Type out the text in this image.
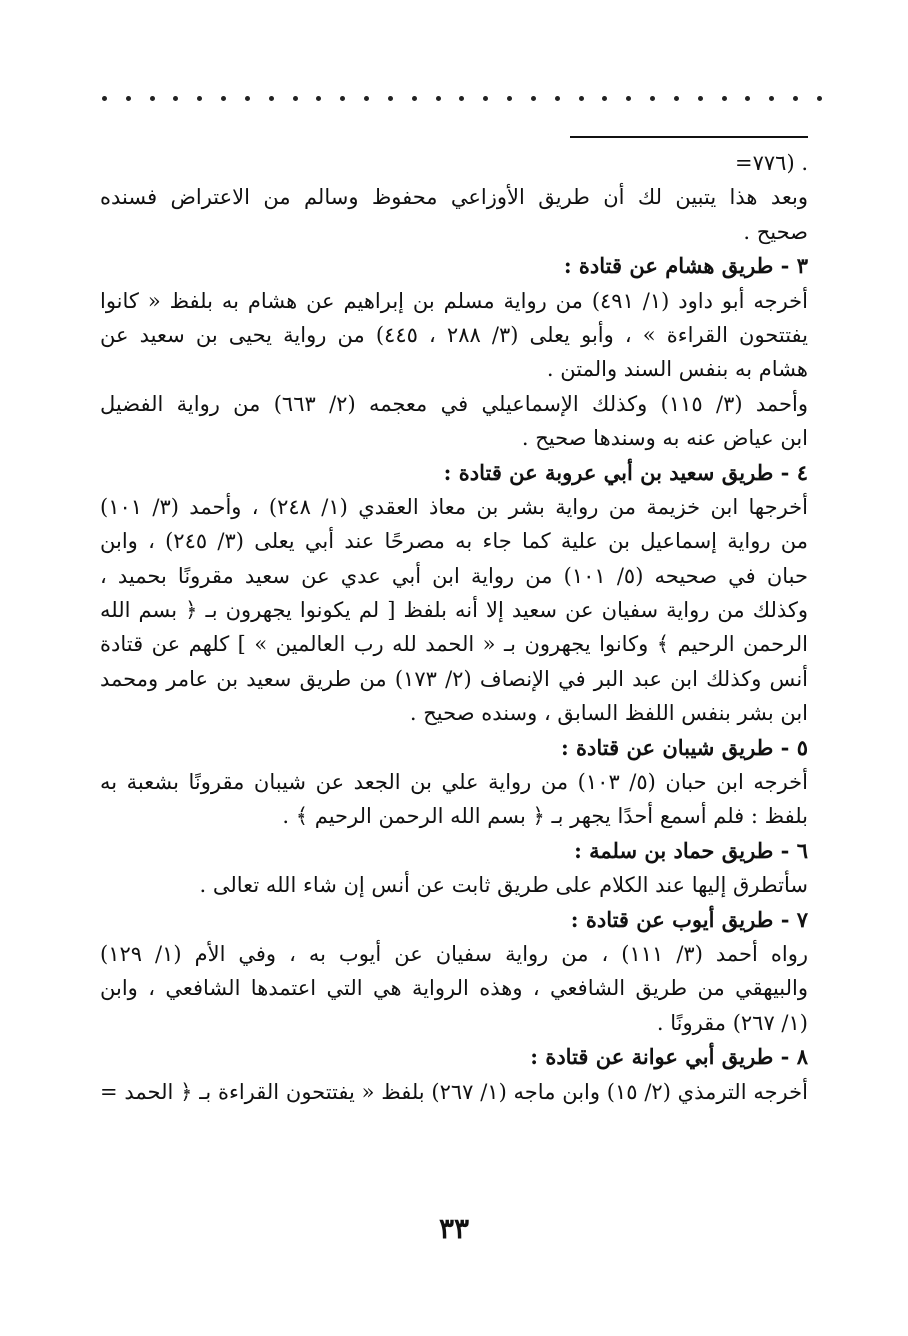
. (٧٧٦=
وبعد هذا يتبين لك أن طريق الأوزاعي محفوظ وسالم من الاعتراض فسنده
صحيح .
٣ - طريق هشام عن قتادة :
أخرجه أبو داود (١/ ٤٩١) من رواية مسلم بن إبراهيم عن هشام به بلفظ « كانوا
يفتتحون القراءة » ، وأبو يعلى (٣/ ٢٨٨ ، ٤٤٥) من رواية يحيى بن سعيد عن
هشام به بنفس السند والمتن .
وأحمد (٣/ ١١٥) وكذلك الإسماعيلي في معجمه (٢/ ٦٦٣) من رواية الفضيل
ابن عياض عنه به وسندها صحيح .
٤ - طريق سعيد بن أبي عروبة عن قتادة :
أخرجها ابن خزيمة من رواية بشر بن معاذ العقدي (١/ ٢٤٨) ، وأحمد (٣/ ١٠١)
من رواية إسماعيل بن علية كما جاء به مصرحًا عند أبي يعلى (٣/ ٢٤٥) ، وابن
حبان في صحيحه (٥/ ١٠١) من رواية ابن أبي عدي عن سعيد مقرونًا بحميد ،
وكذلك من رواية سفيان عن سعيد إلا أنه بلفظ [ لم يكونوا يجهرون بـ ﴿ بسم الله
الرحمن الرحيم ﴾ وكانوا يجهرون بـ « الحمد لله رب العالمين » ] كلهم عن قتادة
أنس وكذلك ابن عبد البر في الإنصاف (٢/ ١٧٣) من طريق سعيد بن عامر ومحمد
ابن بشر بنفس اللفظ السابق ، وسنده صحيح .
٥ - طريق شيبان عن قتادة :
أخرجه ابن حبان (٥/ ١٠٣) من رواية علي بن الجعد عن شيبان مقرونًا بشعبة به
بلفظ : فلم أسمع أحدًا يجهر بـ ﴿ بسم الله الرحمن الرحيم ﴾ .
٦ - طريق حماد بن سلمة :
سأتطرق إليها عند الكلام على طريق ثابت عن أنس إن شاء الله تعالى .
٧ - طريق أيوب عن قتادة :
رواه أحمد (٣/ ١١١) ، من رواية سفيان عن أيوب به ، وفي الأم (١/ ١٢٩)
والبيهقي من طريق الشافعي ، وهذه الرواية هي التي اعتمدها الشافعي ، وابن
(١/ ٢٦٧) مقرونًا .
٨ - طريق أبي عوانة عن قتادة :
أخرجه الترمذي (٢/ ١٥) وابن ماجه (١/ ٢٦٧) بلفظ « يفتتحون القراءة بـ ﴿ الحمد =
٣٣
